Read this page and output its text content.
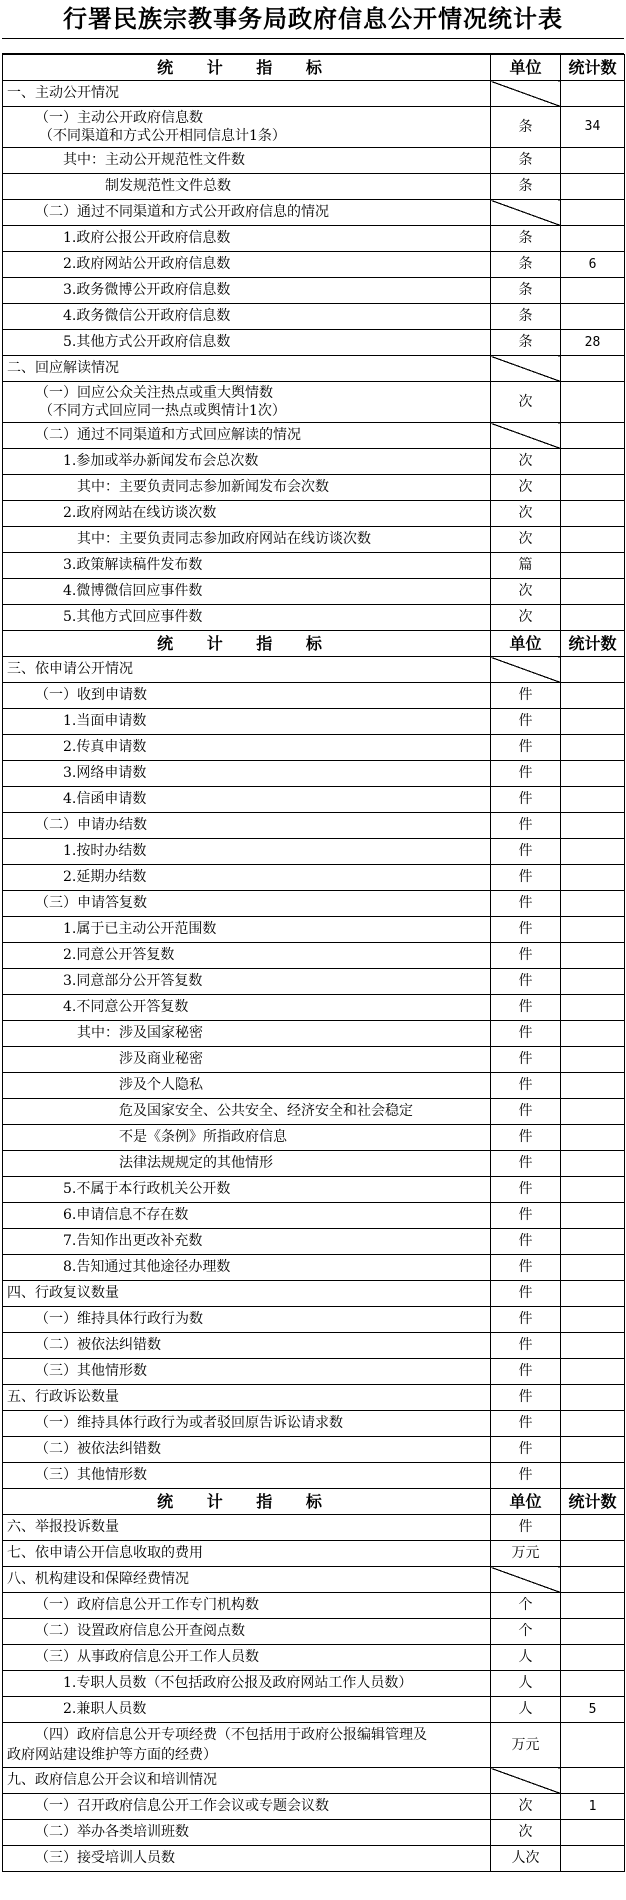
行署民族宗教事务局政府信息公开情况统计表
统 计 指 标	单位	统计数
一、主动公开情况		

（一）主动公开政府信息数
（不同渠道和方式公开相同信息计1条）	条	34
其中：主动公开规范性文件数	条	
制发规范性文件总数	条	
（二）通过不同渠道和方式公开政府信息的情况		
1.政府公报公开政府信息数	条	
2.政府网站公开政府信息数	条	6
3.政务微博公开政府信息数	条	
4.政务微信公开政府信息数	条	
5.其他方式公开政府信息数	条	28
二、回应解读情况		

（一）回应公众关注热点或重大舆情数
（不同方式回应同一热点或舆情计1次）	次	
（二）通过不同渠道和方式回应解读的情况		
1.参加或举办新闻发布会总次数	次	
其中：主要负责同志参加新闻发布会次数	次	
2.政府网站在线访谈次数	次	
其中：主要负责同志参加政府网站在线访谈次数	次	
3.政策解读稿件发布数	篇	
4.微博微信回应事件数	次	
5.其他方式回应事件数	次	
统 计 指 标	单位	统计数
三、依申请公开情况		
（一）收到申请数	件	
1.当面申请数	件	
2.传真申请数	件	
3.网络申请数	件	
4.信函申请数	件	
（二）申请办结数	件	
1.按时办结数	件	
2.延期办结数	件	
（三）申请答复数	件	
1.属于已主动公开范围数	件	
2.同意公开答复数	件	
3.同意部分公开答复数	件	
4.不同意公开答复数	件	
其中：涉及国家秘密	件	
涉及商业秘密	件	
涉及个人隐私	件	
危及国家安全、公共安全、经济安全和社会稳定	件	
不是《条例》所指政府信息	件	
法律法规规定的其他情形	件	
5.不属于本行政机关公开数	件	
6.申请信息不存在数	件	
7.告知作出更改补充数	件	
8.告知通过其他途径办理数	件	
四、行政复议数量	件	
（一）维持具体行政行为数	件	
（二）被依法纠错数	件	
（三）其他情形数	件	
五、行政诉讼数量	件	
（一）维持具体行政行为或者驳回原告诉讼请求数	件	
（二）被依法纠错数	件	
（三）其他情形数	件	
统 计 指 标	单位	统计数
六、举报投诉数量	件	
七、依申请公开信息收取的费用	万元	
八、机构建设和保障经费情况		
（一）政府信息公开工作专门机构数	个	
（二）设置政府信息公开查阅点数	个	
（三）从事政府信息公开工作人员数	人	
1.专职人员数（不包括政府公报及政府网站工作人员数）	人	
2.兼职人员数	人	5

（四）政府信息公开专项经费（不包括用于政府公报编辑管理及
政府网站建设维护等方面的经费）	万元	
九、政府信息公开会议和培训情况		
（一）召开政府信息公开工作会议或专题会议数	次	1
（二）举办各类培训班数	次	
（三）接受培训人员数	人次	
